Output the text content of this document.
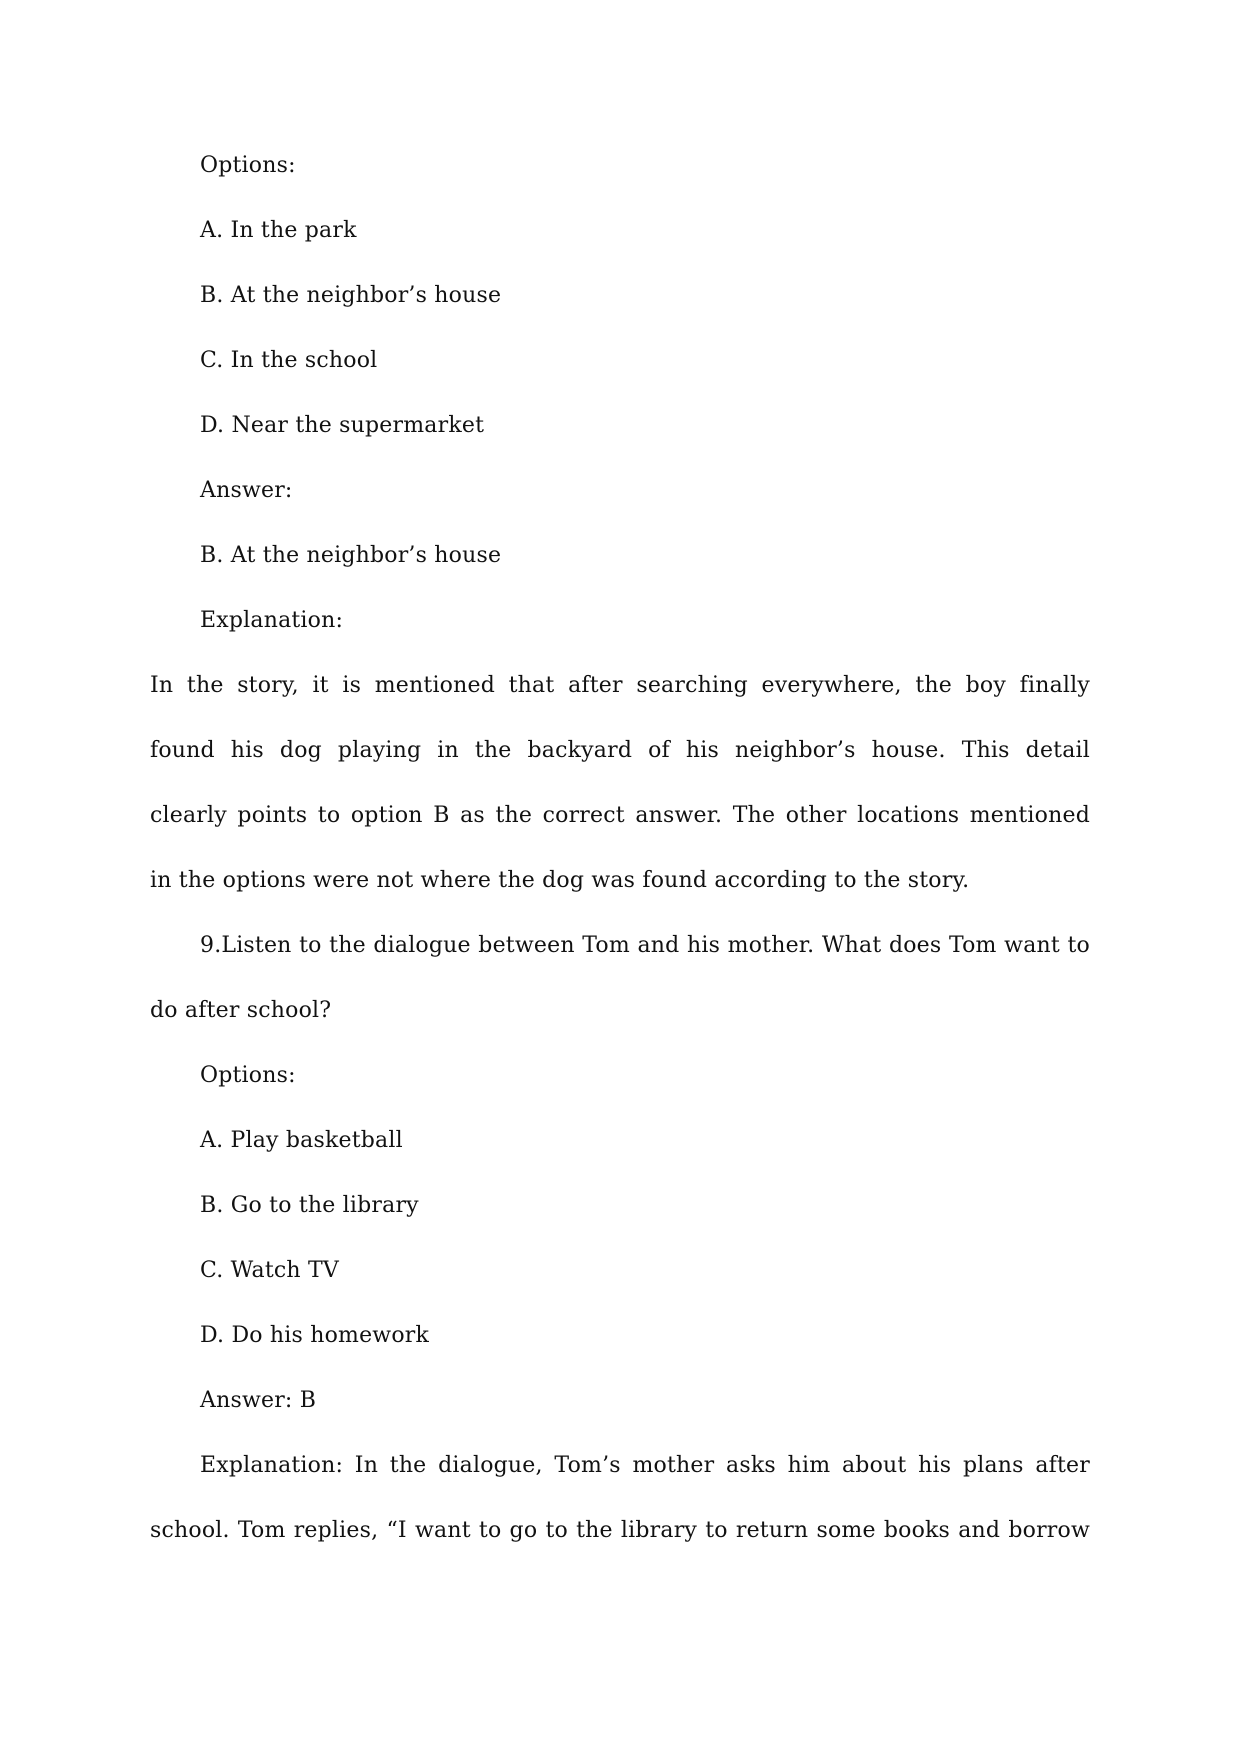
Options:
A. In the park
B. At the neighbor’s house
C. In the school
D. Near the supermarket
Answer:
B. At the neighbor’s house
Explanation:
In the story, it is mentioned that after searching everywhere, the boy finally
found his dog playing in the backyard of his neighbor’s house. This detail
clearly points to option B as the correct answer. The other locations mentioned
in the options were not where the dog was found according to the story.
9.Listen to the dialogue between Tom and his mother. What does Tom want to
do after school?
Options:
A. Play basketball
B. Go to the library
C. Watch TV
D. Do his homework
Answer: B
Explanation: In the dialogue, Tom’s mother asks him about his plans after
school. Tom replies, “I want to go to the library to return some books and borrow
